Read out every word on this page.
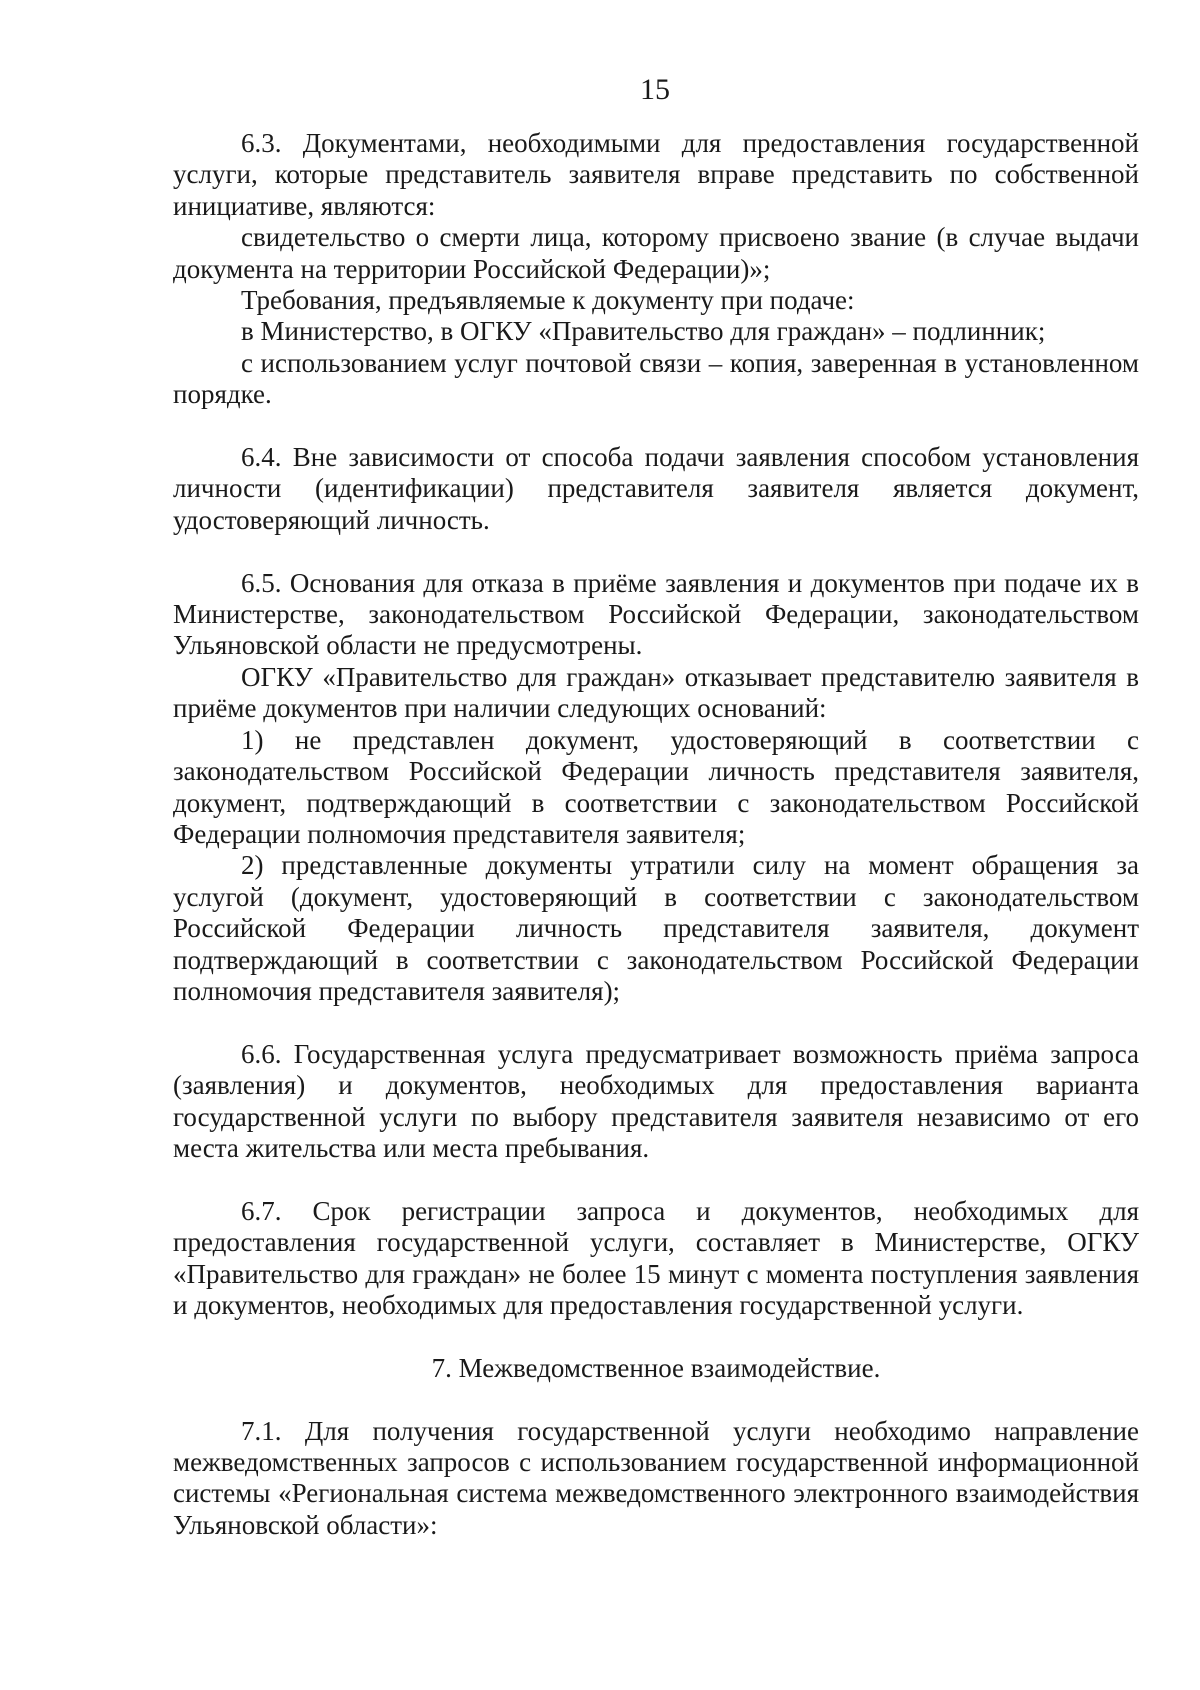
15

6.3. Документами, необходимыми для предоставления государственной услуги, которые представитель заявителя вправе представить по собственной инициативе, являются:

свидетельство о смерти лица, которому присвоено звание (в случае выдачи документа на территории Российской Федерации)»;

Требования, предъявляемые к документу при подаче:

в Министерство, в ОГКУ «Правительство для граждан» – подлинник;

с использованием услуг почтовой связи – копия, заверенная в установленном порядке.

6.4. Вне зависимости от способа подачи заявления способом установления личности (идентификации) представителя заявителя является документ, удостоверяющий личность.

6.5. Основания для отказа в приёме заявления и документов при подаче их в Министерстве, законодательством Российской Федерации, законодательством Ульяновской области не предусмотрены.

ОГКУ «Правительство для граждан» отказывает представителю заявителя в приёме документов при наличии следующих оснований:

1) не представлен документ, удостоверяющий в соответствии с законодательством Российской Федерации личность представителя заявителя, документ, подтверждающий в соответствии с законодательством Российской Федерации полномочия представителя заявителя;

2) представленные документы утратили силу на момент обращения за услугой (документ, удостоверяющий в соответствии с законодательством Российской Федерации личность представителя заявителя, документ подтверждающий в соответствии с законодательством Российской Федерации полномочия представителя заявителя);

6.6. Государственная услуга предусматривает возможность приёма запроса (заявления) и документов, необходимых для предоставления варианта государственной услуги по выбору представителя заявителя независимо от его места жительства или места пребывания.

6.7. Срок регистрации запроса и документов, необходимых для предоставления государственной услуги, составляет в Министерстве, ОГКУ «Правительство для граждан» не более 15 минут с момента поступления заявления и документов, необходимых для предоставления государственной услуги.

7. Межведомственное взаимодействие.

7.1. Для получения государственной услуги необходимо направление межведомственных запросов с использованием государственной информационной системы «Региональная система межведомственного электронного взаимодействия Ульяновской области»:
